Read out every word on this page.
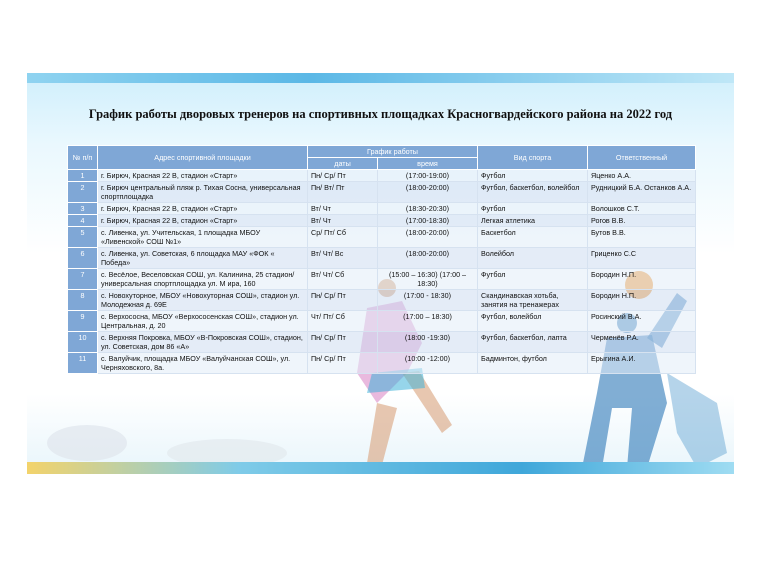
График работы дворовых тренеров на спортивных площадках Красногвардейского района на 2022 год
№ п/п	Адрес спортивной площадки	График работы		Вид спорта	Ответственный
		даты	время		
1	г. Бирюч, Красная 22 В, стадион «Старт»	Пн/ Ср/ Пт	(17:00-19:00)	Футбол	Яценко А.А.
2	г. Бирюч центральный пляж р. Тихая Сосна, универсальная спортплощадка	Пн/ Вт/ Пт	(18:00-20:00)	Футбол, баскетбол, волейбол	Рудницкий Б.А. Останков А.А.
3	г. Бирюч, Красная 22 В, стадион «Старт»	Вт/ Чт	(18:30-20:30)	Футбол	Волошков С.Т.
4	г. Бирюч, Красная 22 В, стадион «Старт»	Вт/ Чт	(17:00-18:30)	Легкая атлетика	Рогов В.В.
5	с. Ливенка, ул. Учительская, 1 площадка МБОУ «Ливенской» СОШ №1»	Ср/ Пт/ Сб	(18:00-20:00)	Баскетбол	Бутов В.В.
6	с. Ливенка, ул. Советская, 6 площадка МАУ «ФОК « Победа»	Вт/ Чт/ Вс	(18:00-20:00)	Волейбол	Гриценко С.С
7	с. Весёлое, Веселовская СОШ, ул. Калинина, 25 стадион/универсальная спортплощадка ул. М ира, 160	Вт/ Чт/ Сб	(15:00 – 16:30) (17:00 – 18:30)	Футбол	Бородин Н.П.
8	с. Новохуторное, МБОУ «Новохуторная СОШ», стадион ул. Молодежная д. 69Е	Пн/ Ср/ Пт	(17:00 - 18:30)	Скандинавская хотьба, занятия на тренажерах	Бородин Н.П.
9	с. Верхососна, МБОУ «Верхососенская СОШ», стадион ул. Центральная, д. 20	Чт/ Пт/ Сб	(17:00 – 18:30)	Футбол, волейбол	Росинский В.А.
10	с. Верхняя Покровка, МБОУ «В-Покровская СОШ», стадион, ул. Советская, дом 86 «А»	Пн/ Ср/ Пт	(18:00 -19:30)	Футбол, баскетбол, лапта	Черменёв Р.А.
11	с. Валуйчик, площадка МБОУ «Валуйчанская СОШ», ул. Черняховского, 8а.	Пн/ Ср/ Пт	(10:00 -12:00)	Бадминтон, футбол	Ерыгина А.И.
